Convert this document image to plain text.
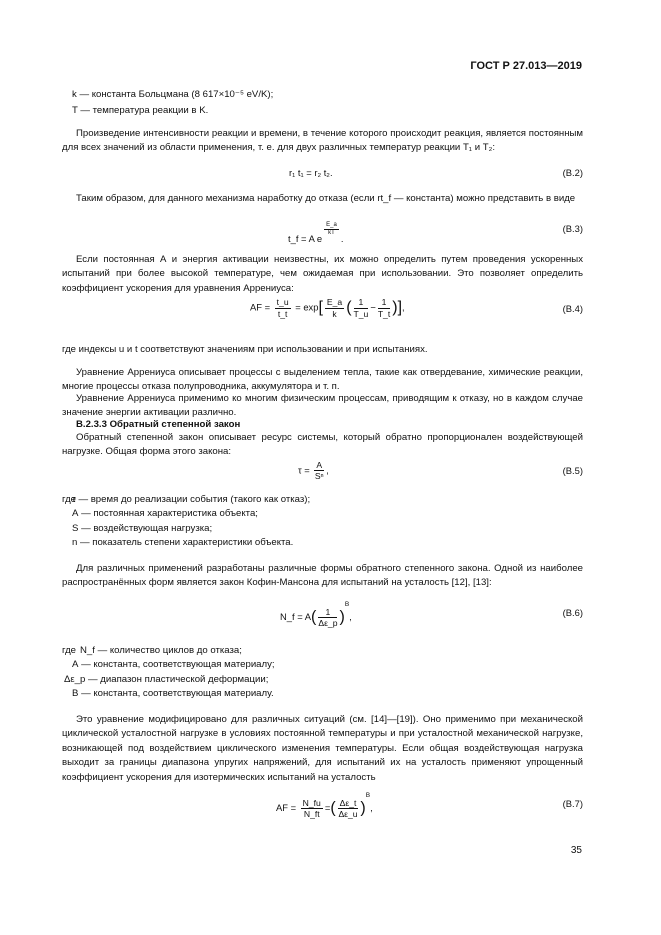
ГОСТ Р 27.013—2019
k — константа Больцмана (8 617×10⁻⁵ eV/K);
T — температура реакции в K.
Произведение интенсивности реакции и времени, в течение которого происходит реакция, является постоянным для всех значений из области применения, т. е. для двух различных температур реакции T₁ и T₂:
r₁ t₁ = r₂ t₂.	(В.2)
Таким образом, для данного механизма наработку до отказа (если rt_f — константа) можно представить в виде
t_f = A e
$\frac{E\_a}{kT}$
.
(В.3)
Если постоянная А и энергия активации неизвестны, их можно определить путем проведения ускоренных испытаний при более высокой температуре, чем ожидаемая при использовании. Это позволяет определить коэффициент ускорения для уравнения Аррениуса:
AF = $\frac{t\_u}{t\_t} = \exp[ \frac{E\_a}{k}$ ( $\frac{1}{T\_u} - \frac{1}{T\_t}$ )],	(В.4)
где индексы u и t соответствуют значениям при использовании и при испытаниях.
Уравнение Аррениуса описывает процессы с выделением тепла, такие как отвердевание, химические реакции, многие процессы отказа полупроводника, аккумулятора и т. п.
Уравнение Аррениуса применимо ко многим физическим процессам, приводящим к отказу, но в каждом случае значение энергии активации различно.
В.2.3.3 Обратный степенной закон
Обратный степенной закон описывает ресурс системы, который обратно пропорционален воздействующей нагрузке. Общая форма этого закона:
$\tau = \frac{A}{\text{Sⁿ}}$ ,	(В.5)
где
τ — время до реализации события (такого как отказ);
А — постоянная характеристика объекта;
S — воздействующая нагрузка;
n — показатель степени характеристики объекта.
Для различных применений разработаны различные формы обратного степенного закона. Одной из наиболее распространённых форм является закон Кофин-Мансона для испытаний на усталость [12], [13]:
N_f = $A( \frac{1}{\Delta\varepsilon\_p} )^B$,	(В.6)
где N_f — количество циклов до отказа;
А — константа, соответствующая материалу;
Δε_p — диапазон пластической деформации;
В — константа, соответствующая материалу.
Это уравнение модифицировано для различных ситуаций (см. [14]—[19]). Оно применимо при механической циклической усталостной нагрузке в условиях постоянной температуры и при усталостной механической нагрузке, возникающей под воздействием циклического изменения температуры. Если общая воздействующая нагрузка выходит за границы диапазона упругих напряжений, для испытаний их на усталость применяют упрощенный коэффициент ускорения для изотермических испытаний на усталость
AF = $\frac{N\_fu}{N\_ft}$ =( $\frac{\Delta\varepsilon\_t}{\Delta\varepsilon\_u} )^B$,	(В.7)
35
